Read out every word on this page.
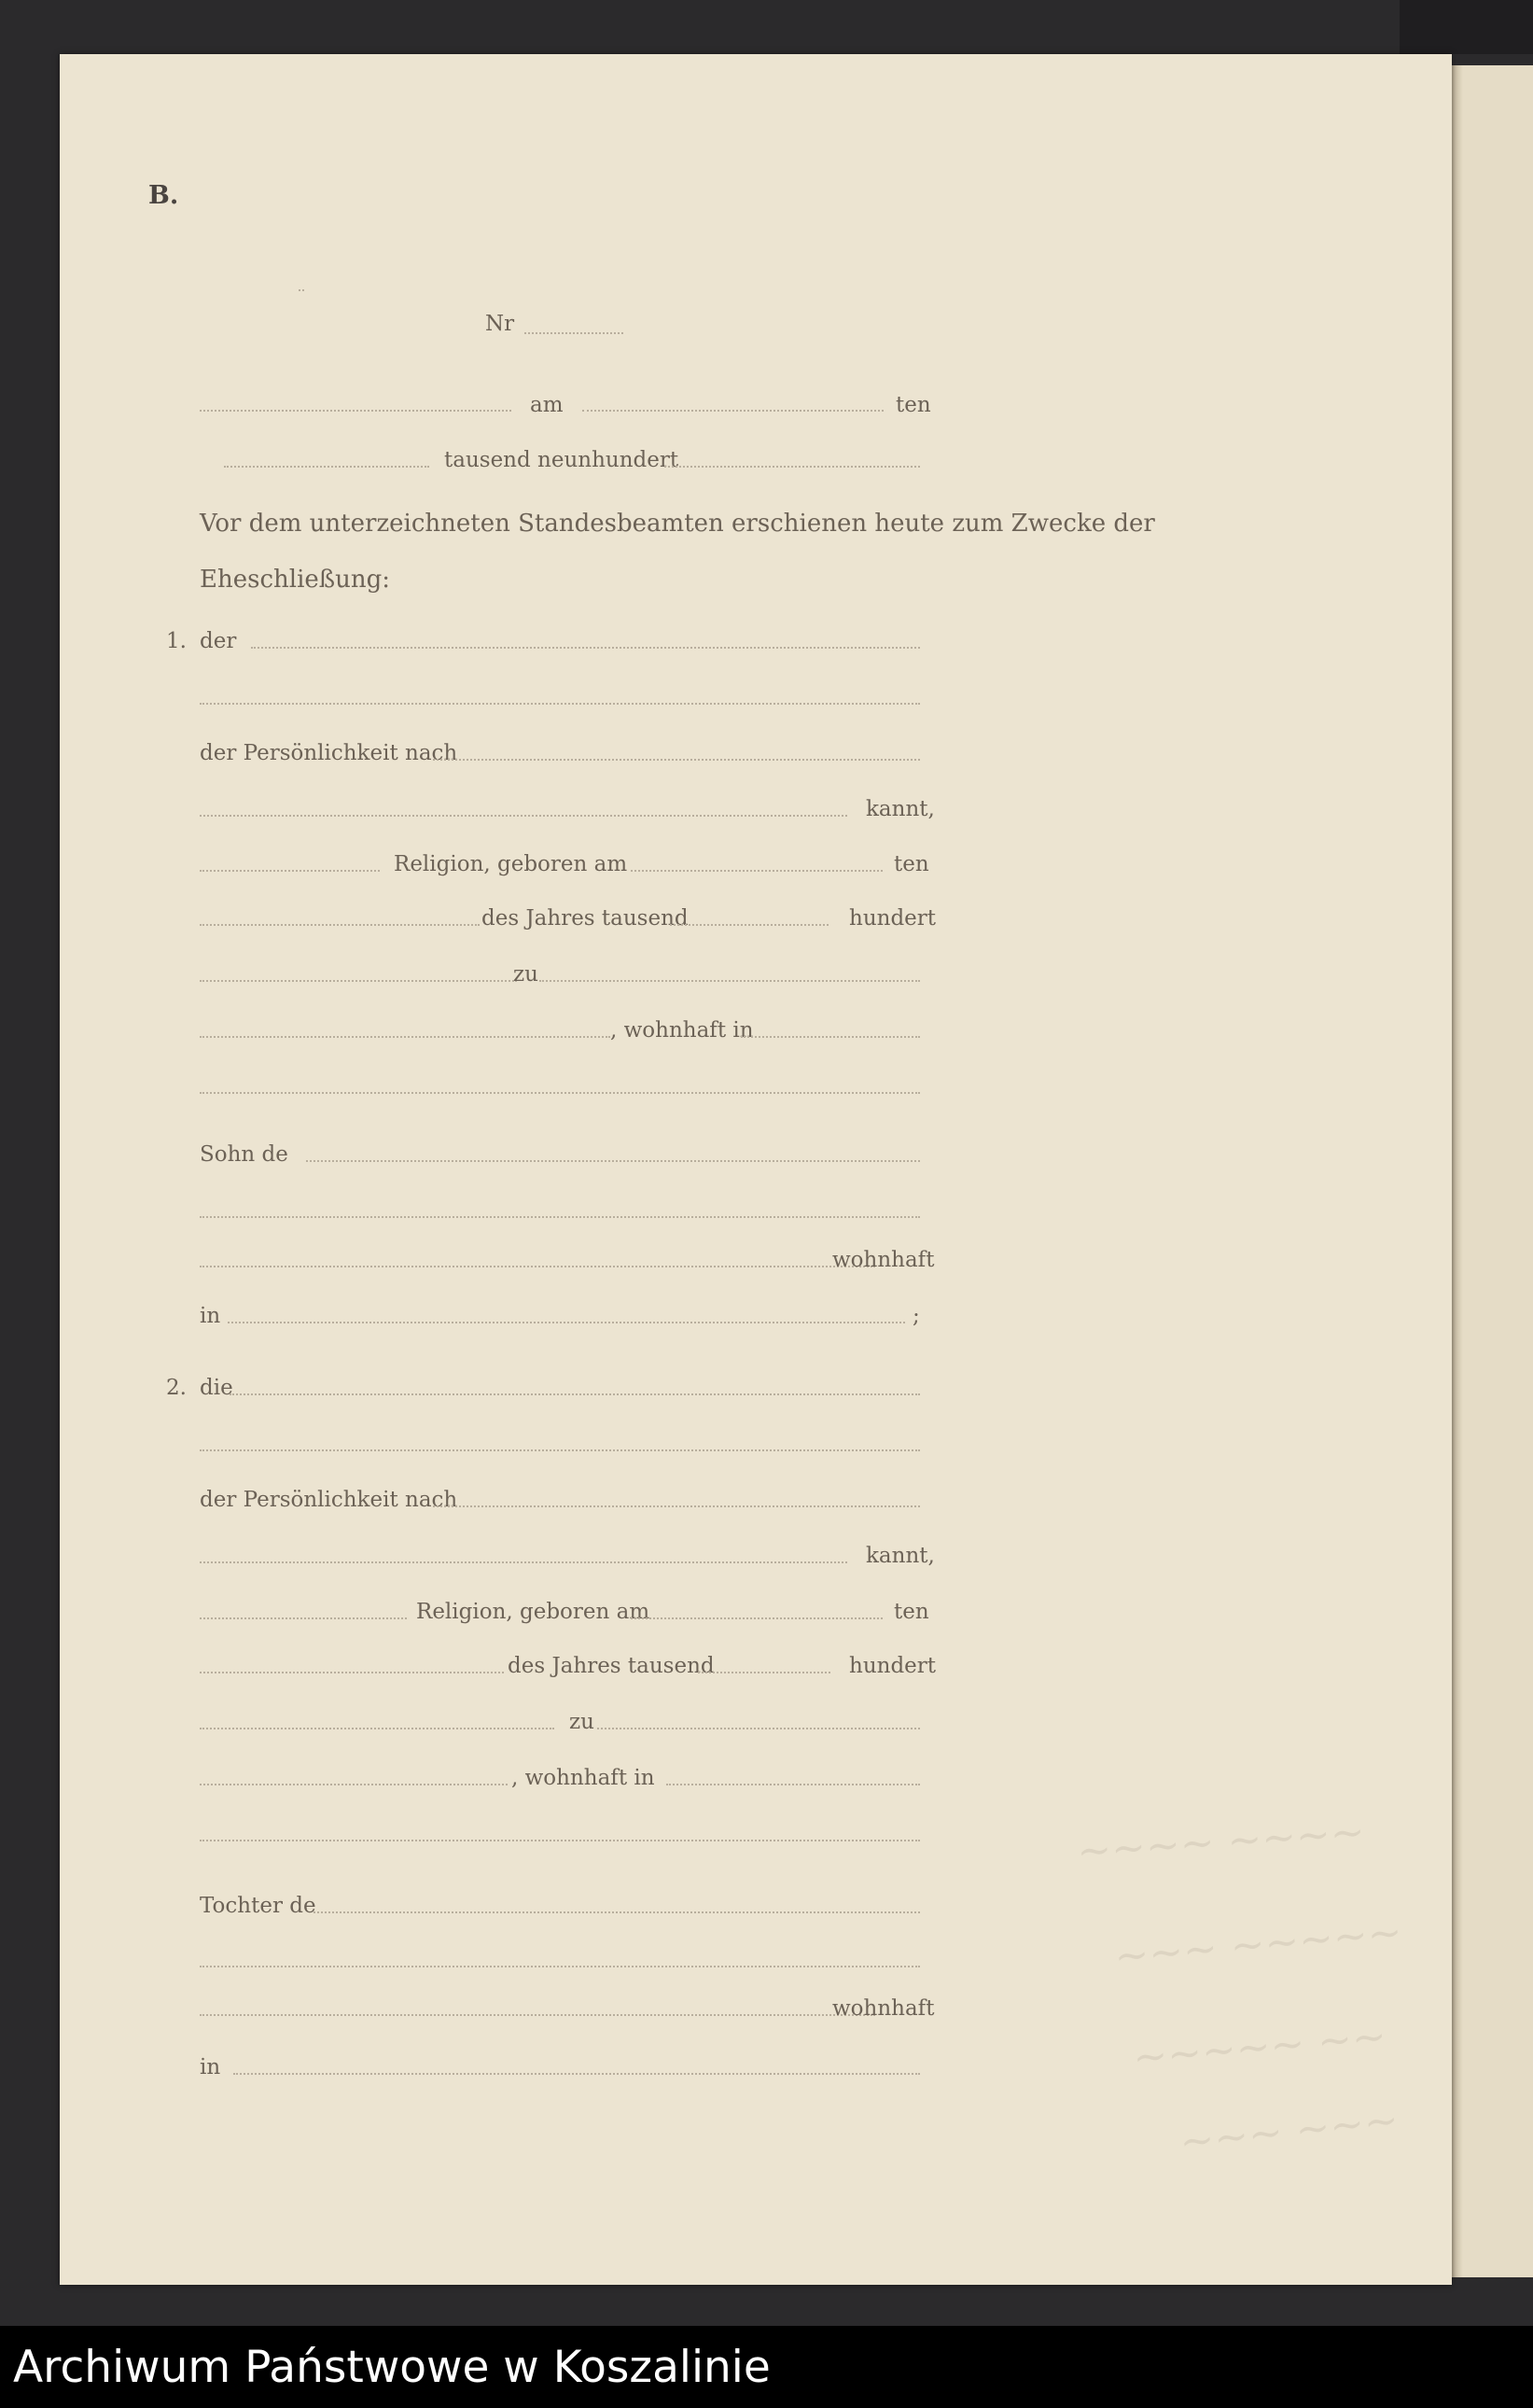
~~~~ ~~~~
~~~ ~~~~~
~~~~~ ~~
~~~ ~~~
B.
Nr
am	ten
tausend neunhundert
Vor dem unterzeichneten Standesbeamten erschienen heute zum Zwecke der
Eheschließung:
1. der
der Persönlichkeit nach
kannt,
Religion, geboren am	ten
des Jahres tausend	hundert
zu
, wohnhaft in
Sohn de
wohnhaft
in	;
2. die
der Persönlichkeit nach
kannt,
Religion, geboren am	ten
des Jahres tausend	hundert
zu
, wohnhaft in
Tochter de
wohnhaft
in
Archiwum Państwowe w Koszalinie
